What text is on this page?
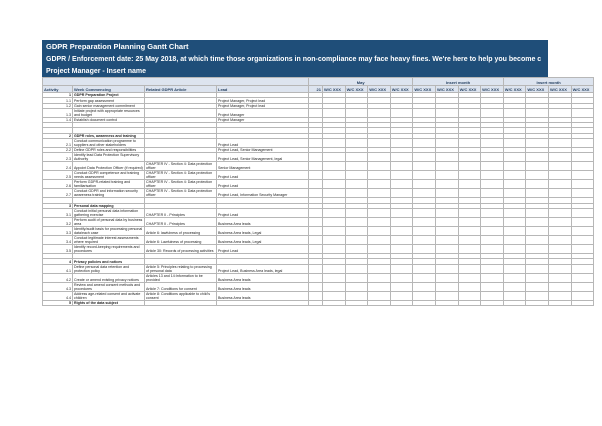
GDPR Preparation Planning Gantt Chart
GDPR / Enforcement date: 25 May 2018, at which time those organizations in non-compliance may face heavy fines. We're here to help you become c
Project Manager - Insert name
				May					Insert month				Insert month			
Activity	Week Commencing	Related GDPR Article	Lead	21	W/C XXX	W/C XXX	W/C XXX	W/C XXX	W/C XXX	W/C XXX	W/C XXX	W/C XXX	W/C XXX	W/C XXX	W/C XXX	W/C XXX
1	GDPR Preparation Project															
1.1	Perform gap assessment		Project Manager, Project lead													
1.2	Gain senior management commitment		Project Manager, Project lead													
1.3	Initiate project with appropriate resources and budget		Project Manager													
1.4	Establish document control		Project Manager													

2	GDPR roles, awareness and training															
2.1	Conduct communication programme to suppliers and other stakeholders		Project Lead													
2.2	Define GDPR roles and responsibilities		Project Lead, Senior Management													
2.3	Identify lead Data Protection Supervisory Authority		Project Lead, Senior Management, legal													
2.4	Appoint Data Protection Officer (if required)	CHAPTER IV - Section 4: Data protection officer	Senior Management													
2.5	Conduct GDPR competence and training needs assessment	CHAPTER IV - Section 4: Data protection officer	Project Lead													
2.6	Perform GDPR-related training and familiarisation	CHAPTER IV - Section 4: Data protection officer	Project Lead													
2.7	Conduct GDPR and information security awareness training	CHAPTER IV - Section 4: Data protection officer	Project Lead, Information Security Manager													

3	Personal data mapping															
3.1	Conduct initial personal data information gathering exercise	CHAPTER II - Principles	Project Lead													
3.2	Perform audit of personal data by business area	CHAPTER II - Principles	Business Area leads													
3.3	Identify/audit basis for processing personal data/each case	Article 6: lawfulness of processing	Business Area leads, Legal													
3.4	Conduct legitimate interest assessments where required	Article 6: Lawfulness of processing	Business Area leads, Legal													
3.5	Identify record-keeping requirements and procedures	Article 30: Records of processing activities	Project Lead													

4	Privacy policies and notices															
4.1	Define personal data retention and protection policy	Article 5: Principles relating to processing of personal data	Project Lead, Business Area leads, legal													
4.2	Create or amend existing privacy notices	Articles 13 and 14:Information to be provided	Business Area leads													
4.3	Review and amend consent methods and procedures	Article 7: Conditions for consent	Business Area leads													
4.4	Address age-related consent and activate children	Article 8: Conditions applicable to child's consent	Business Area leads													
5	Rights of the data subject															
